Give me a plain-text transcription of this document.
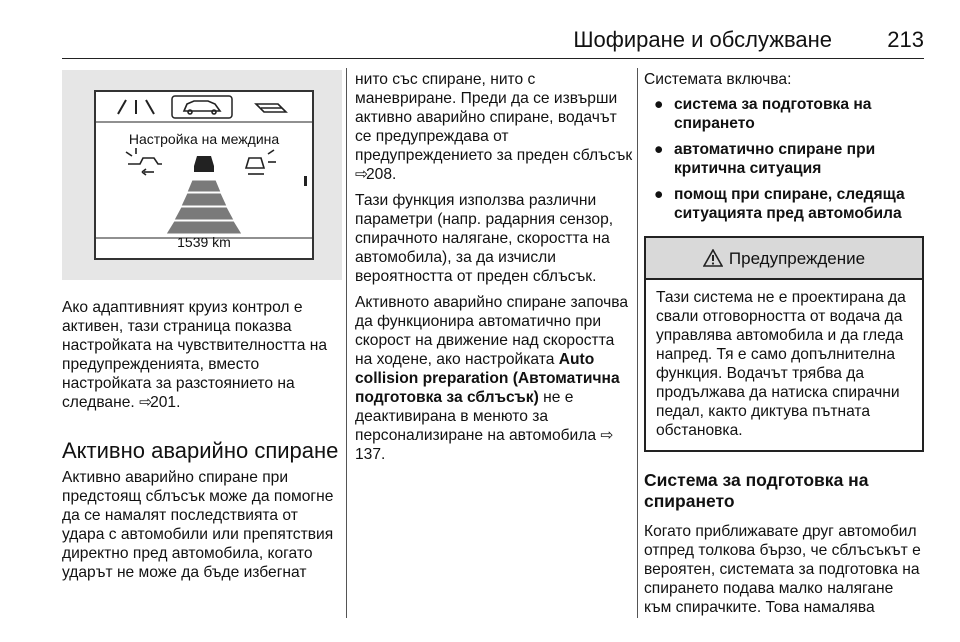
Шофиране и обслужване	213
Настройка на междина
1539 km

Ако адаптивният круиз контрол е активен, тази страница показва настройката на чувствителността на предупрежденията, вместо настройката за разстоянието на следване. ⇨201.

Активно аварийно спиране

Активно аварийно спиране при предстоящ сблъсък може да помогне да се намалят последствията от удара с автомобили или препятствия директно пред автомобила, когато ударът не може да бъде избегнат

нито със спиране, нито с маневриране. Преди да се извърши активно аварийно спиране, водачът се предупреждава от предупреждението за преден сблъсък ⇨208.

Тази функция използва различни параметри (напр. радарния сензор, спирачното налягане, скоростта на автомобила), за да изчисли вероятността от преден сблъсък.

Активното аварийно спиране започва да функционира автоматично при скорост на движение над скоростта на ходене, ако настройката Auto collision preparation (Автоматична подготовка за сблъсък) не е деактивирана в менюто за персонализиране на автомобила ⇨137.

Системата включва:

● система за подготовка на спирането
● автоматично спиране при критична ситуация
● помощ при спиране, следяща ситуацията пред автомобила
Предупреждение
Тази система не е проектирана да свали отговорността от водача да управлява автомобила и да гледа напред. Тя е само допълнителна функция. Водачът трябва да продължава да натиска спирачни педал, както диктува пътната обстановка.
Система за подготовка на спирането

Когато приближавате друг автомобил отпред толкова бързо, че сблъсъкът е вероятен, системата за подготовка на спирането подава малко налягане към спирачките. Това намалява
